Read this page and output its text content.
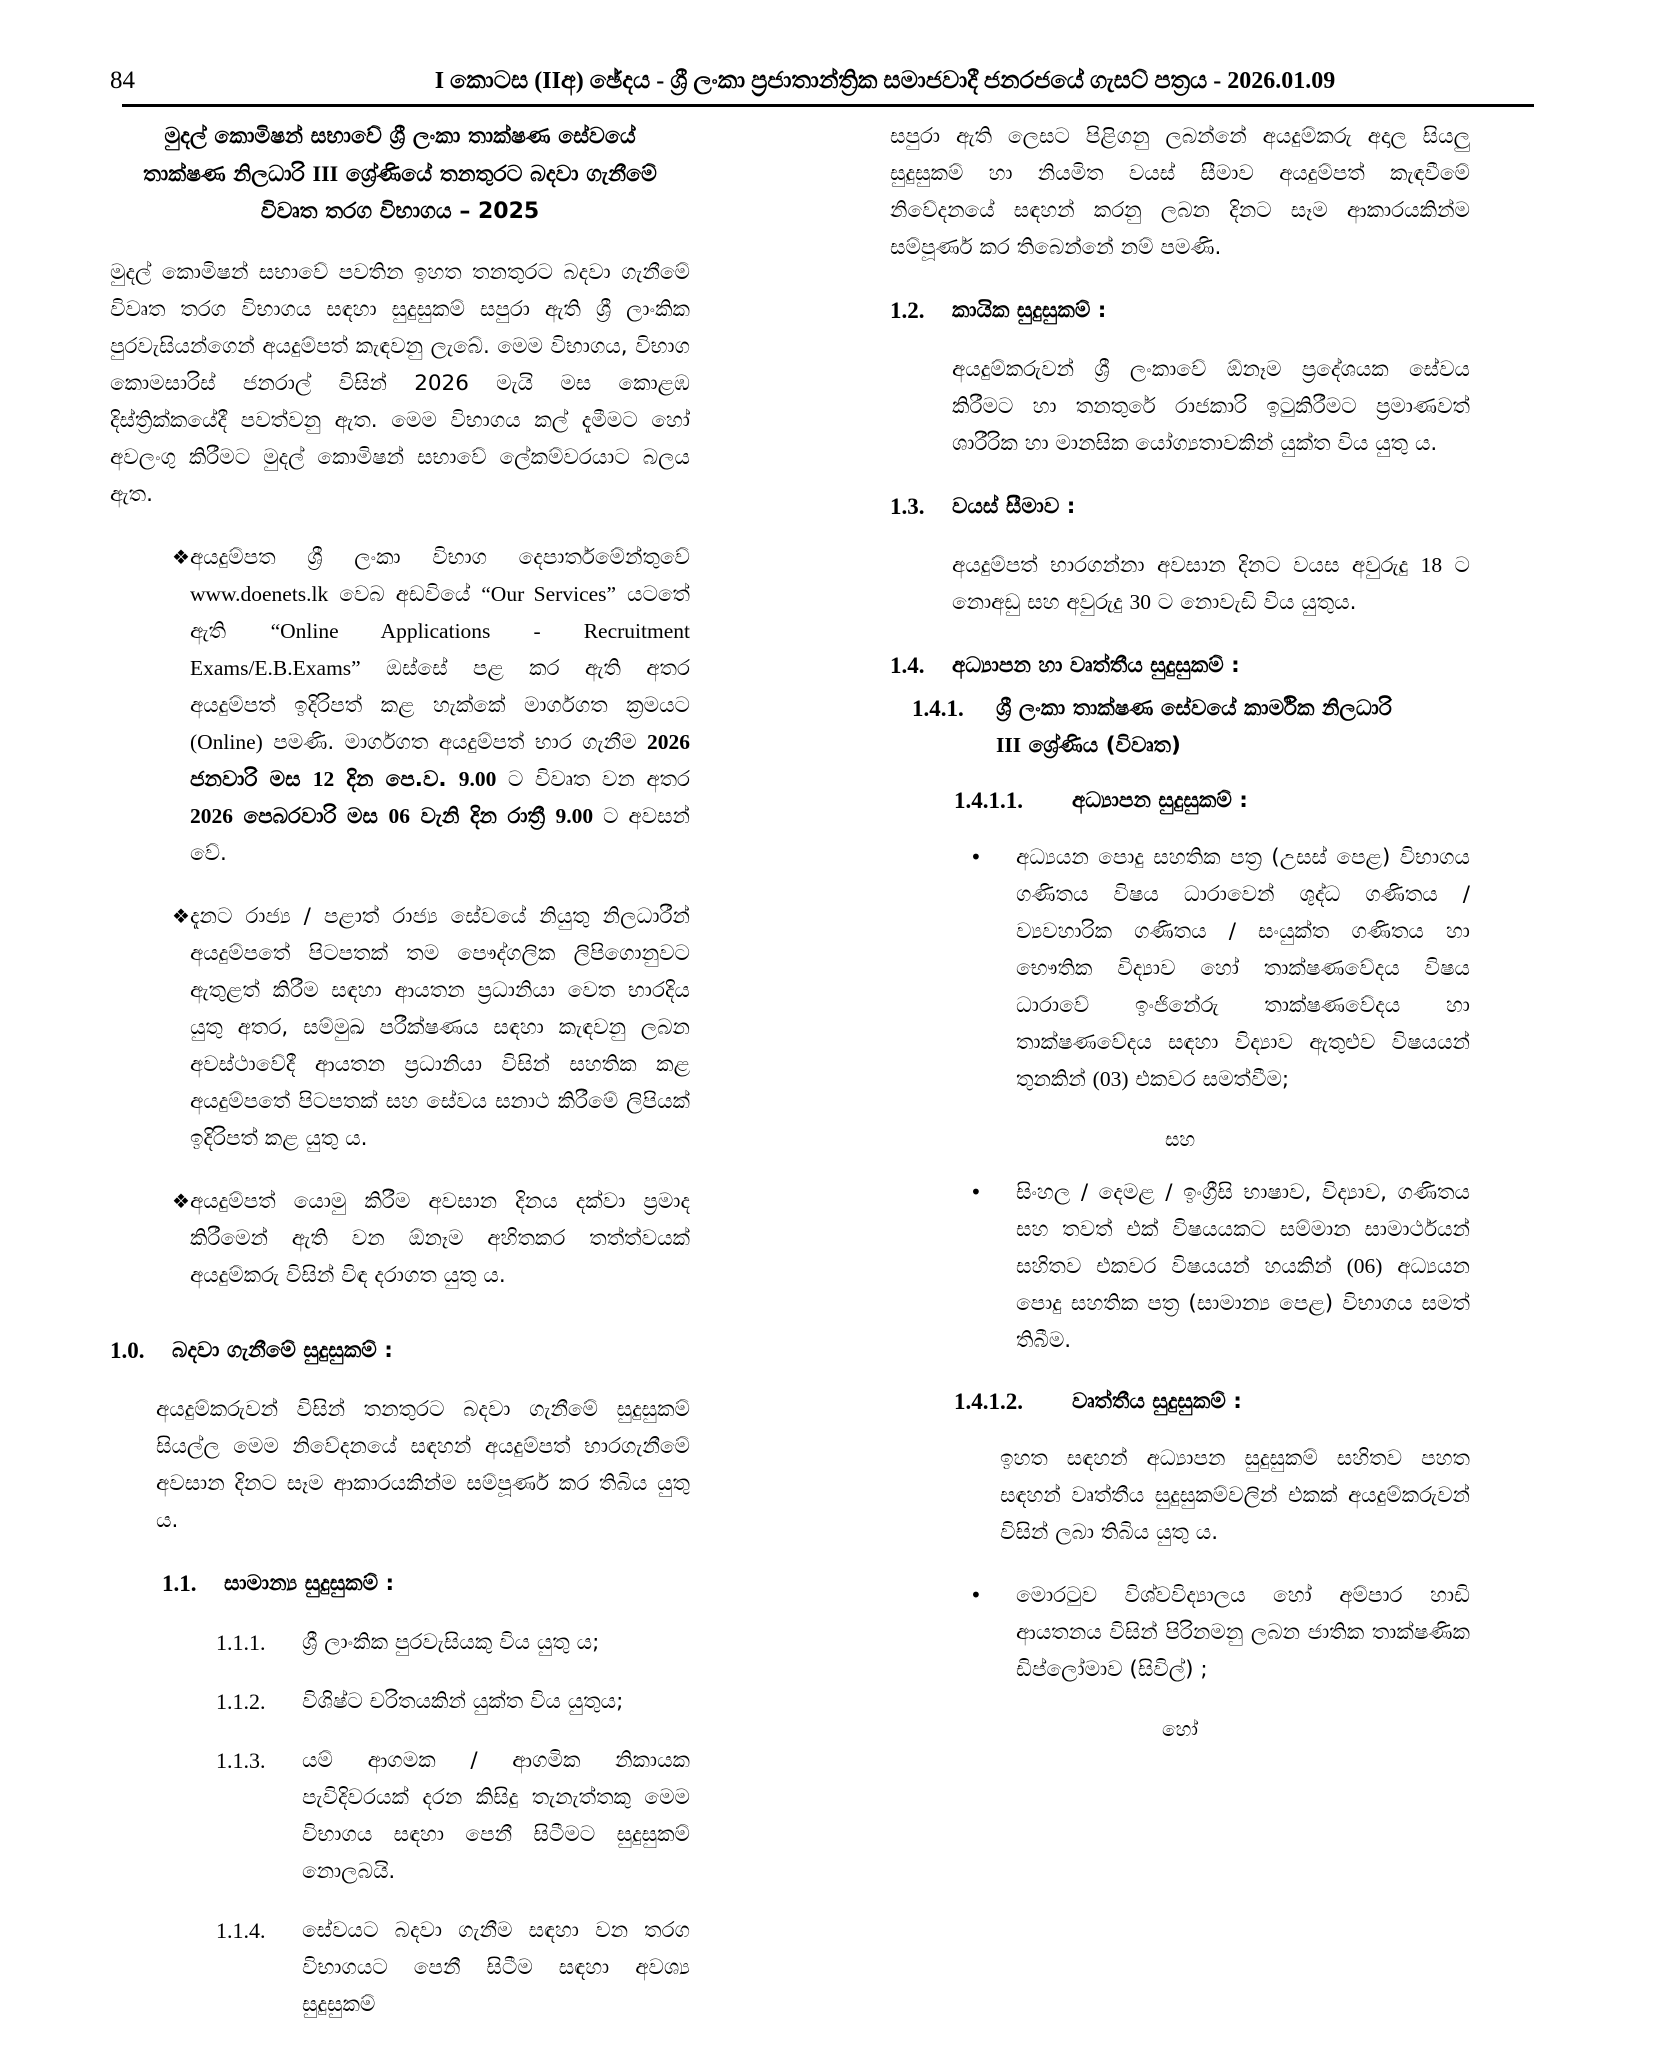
84	I කොටස (IIඅ) ඡේදය - ශ්‍රී ලංකා ප්‍රජාතාන්ත්‍රික සමාජවාදී ජනරජයේ ගැසට් පත්‍රය - 2026.01.09
මුදල් කොමිෂන් සභාවේ ශ්‍රී ලංකා තාක්ෂණ සේවයේ
තාක්ෂණ නිලධාරි III ශ්‍රේණියේ තනතුරට බදවා ගැනීමේ
විවෘත තරග විභාගය – 2025

මුදල් කොමිෂන් සභාවේ පවතින ඉහත තනතුරට බදවා ගැනීමේ විවෘත තරග විභාගය සඳහා සුදුසුකම් සපුරා ඇති ශ්‍රී ලාංකික පුරවැසියන්ගෙන් අයදුම්පත් කැඳවනු ලැබේ. මෙම විභාගය, විභාග කොමසාරිස් ජනරාල් විසින් 2026 මැයි මස කොළඹ දිස්ත්‍රික්කයේදී පවත්වනු ඇත. මෙම විභාගය කල් දැමීමට හෝ අවලංගු කිරීමට මුදල් කොමිෂන් සභාවේ ලේකම්වරයාට බලය ඇත.

❖ අයදුම්පත ශ්‍රී ලංකා විභාග දෙපාර්තමේන්තුවේ www.doenets.lk වෙබ අඩවියේ “Our Services” යටතේ ඇති “Online Applications - Recruitment Exams/E.B.Exams” ඔස්සේ පළ කර ඇති අතර අයදුම්පත් ඉදිරිපත් කළ හැක්කේ මාර්ගගත ක්‍රමයට (Online) පමණි. මාර්ගගත අයදුම්පත් භාර ගැනීම 2026 ජනවාරි මස 12 දින පෙ.ව. 9.00 ට විවෘත වන අතර 2026 පෙබරවාරි මස 06 වැනි දින රාත්‍රී 9.00 ට අවසන් වේ.

❖ දැනට රාජ්‍ය / පළාත් රාජ්‍ය සේවයේ නියුතු නිලධාරීන් අයදුම්පතේ පිටපතක් තම පෞද්ගලික ලිපිගොනුවට ඇතුළත් කිරීම සඳහා ආයතන ප්‍රධානියා වෙත භාරදිය යුතු අතර, සම්මුඛ පරීක්ෂණය සඳහා කැඳවනු ලබන අවස්ථාවේදී ආයතන ප්‍රධානියා විසින් සහතික කළ අයදුම්පතේ පිටපතක් සහ සේවය සනාථ කිරීමේ ලිපියක් ඉදිරිපත් කළ යුතු ය.

❖ අයදුම්පත් යොමු කිරීම අවසාන දිනය දක්වා ප්‍රමාද කිරීමෙන් ඇති වන ඕනෑම අහිතකර තත්ත්වයක් අයදුම්කරු විසින් විඳ දරාගත යුතු ය.

1.0.	බදවා ගැනීමේ සුදුසුකම් :

අයදුම්කරුවන් විසින් තනතුරට බදවා ගැනීමේ සුදුසුකම් සියල්ල මෙම නිවේදනයේ සඳහන් අයදුම්පත් භාරගැනීමේ අවසාන දිනට සෑම ආකාරයකින්ම සම්පූර්ණ කර තිබිය යුතු ය.

1.1.	සාමාන්‍ය සුදුසුකම් :
1.1.1.	ශ්‍රී ලාංකික පුරවැසියකු විය යුතු ය;
1.1.2.	විශිෂ්ට චරිතයකින් යුක්ත විය යුතුය;
1.1.3.	යම් ආගමක / ආගමික නිකායක පැවිදිවරයක් දරන කිසිදු තැනැත්තකු මෙම විභාගය සඳහා පෙනී සිටීමට සුදුසුකම් නොලබයි.
1.1.4.	සේවයට බදවා ගැනීම සඳහා වන තරග විභාගයට පෙනී සිටීම සඳහා අවශ්‍ය සුදුසුකම්

සපුරා ඇති ලෙසට පිළිගනු ලබන්නේ අයදුම්කරු අදාල සියලු සුදුසුකම් හා නියමිත වයස් සීමාව අයදුම්පත් කැඳවීමේ නිවේදනයේ සඳහන් කරනු ලබන දිනට සෑම ආකාරයකින්ම සම්පූර්ණ කර තිබෙන්නේ නම් පමණි.

1.2.	කායික සුදුසුකම් :

අයදුම්කරුවන් ශ්‍රී ලංකාවේ ඕනෑම ප්‍රදේශයක සේවය කිරීමට හා තනතුරේ රාජකාරි ඉටුකිරීමට ප්‍රමාණවත් ශාරීරික හා මානසික යෝග්‍යතාවකින් යුක්ත විය යුතු ය.

1.3.	වයස් සීමාව :

අයදුම්පත් භාරගන්නා අවසාන දිනට වයස අවුරුදු 18 ට නොඅඩු සහ අවුරුදු 30 ට නොවැඩි විය යුතුය.

1.4.	අධ්‍යාපන හා වෘත්තීය සුදුසුකම් :
1.4.1.	ශ්‍රී ලංකා තාක්ෂණ සේවයේ කාර්මික නිලධාරි
III ශ්‍රේණිය (විවෘත)
1.4.1.1.	අධ්‍යාපන සුදුසුකම් :
•	අධ්‍යයන පොදු සහතික පත්‍ර (උසස් පෙළ) විභාගය ගණිතය විෂය ධාරාවෙන් ශුද්ධ ගණිතය / ව්‍යවහාරික ගණිතය / සංයුක්ත ගණිතය හා භෞතික විද්‍යාව හෝ තාක්ෂණවේදය විෂය ධාරාවේ ඉංජිනේරු තාක්ෂණවේදය හා තාක්ෂණවේදය සඳහා විද්‍යාව ඇතුළුව විෂයයන් තුනකින් (03) එකවර සමත්වීම;

සහ
•	සිංහල / දෙමළ / ඉංග්‍රීසි භාෂාව, විද්‍යාව, ගණිතය සහ තවත් එක් විෂයයකට සම්මාන සාමාර්ථයන් සහිතව එකවර විෂයයන් හයකින් (06) අධ්‍යයන පොදු සහතික පත්‍ර (සාමාන්‍ය පෙළ) විභාගය සමත් තිබීම.

1.4.1.2.	වෘත්තීය සුදුසුකම් :

ඉහත සඳහන් අධ්‍යාපන සුදුසුකම් සහිතව පහත සඳහන් වෘත්තීය සුදුසුකම්වලින් එකක් අයදුම්කරුවන් විසින් ලබා තිබිය යුතු ය.

•	මොරටුව විශ්වවිද්‍යාලය හෝ අම්පාර හාඩි ආයතනය විසින් පිරිනමනු ලබන ජාතික තාක්ෂණික ඩිප්ලෝමාව (සිවිල්) ;

හෝ
